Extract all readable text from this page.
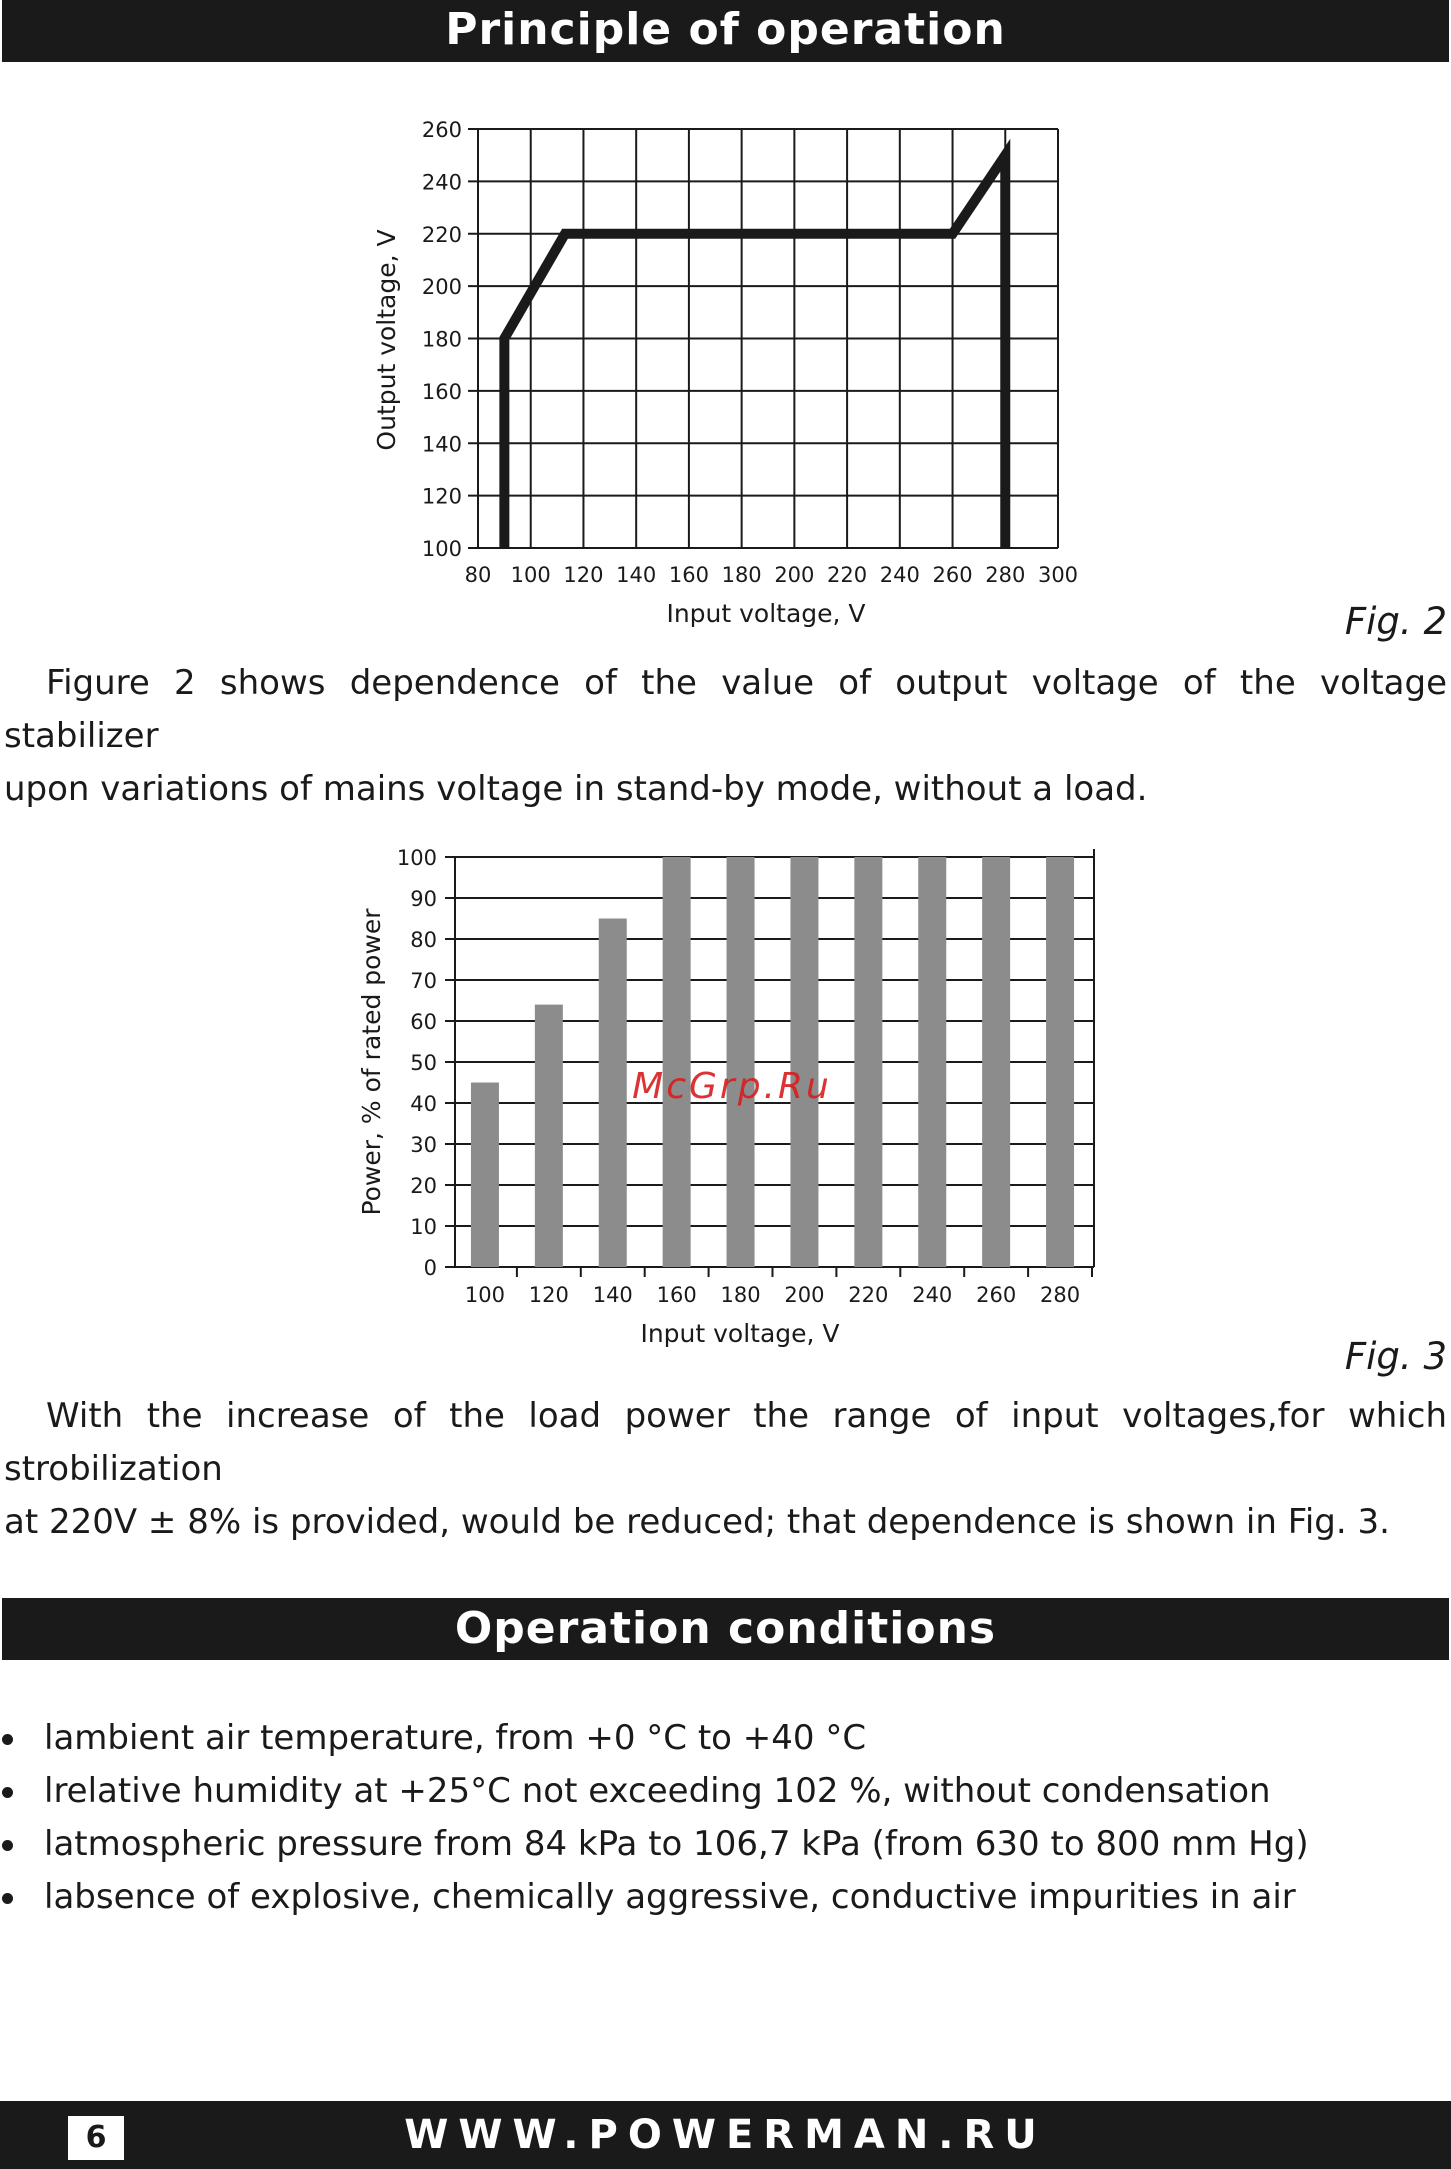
Principle of operation
100
120
140
160
180
200
220
240
260
80 100 120 140 160 180 200 220 240 260 280 300
Input voltage, V
Output voltage, V
Fig. 2
Figure 2 shows dependence of the value of output voltage of the voltage stabilizer
upon variations of mains voltage in stand-by mode, without a load.
0
10
20
30
40
50
60
70
80
90
100
100 120 140 160 180 200 220 240 260 280
Input voltage, V
Power, % of rated power	McGrp.Ru
Fig. 3
With the increase of the load power the range of input voltages,for which strobilization
at 220V ± 8% is provided, would be reduced; that dependence is shown in Fig. 3.
Operation conditions
lambient air temperature, from +0 °C to +40 °C
lrelative humidity at +25°C not exceeding 102 %, without condensation
latmospheric pressure from 84 kPa to 106,7 kPa (from 630 to 800 mm Hg)
labsence of explosive, chemically aggressive, conductive impurities in air
6	WWW.POWERMAN.RU
